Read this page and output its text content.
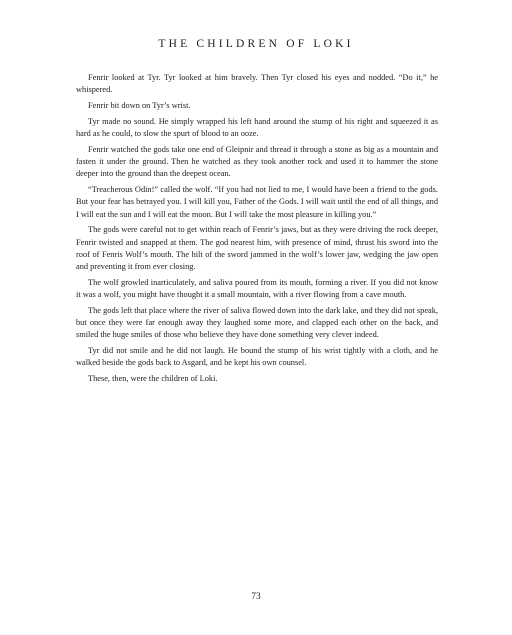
THE CHILDREN OF LOKI

Fenrir looked at Tyr. Tyr looked at him bravely. Then Tyr closed his eyes and nodded. “Do it,” he whispered.

Fenrir bit down on Tyr’s wrist.

Tyr made no sound. He simply wrapped his left hand around the stump of his right and squeezed it as hard as he could, to slow the spurt of blood to an ooze.

Fenrir watched the gods take one end of Gleipnir and thread it through a stone as big as a mountain and fasten it under the ground. Then he watched as they took another rock and used it to hammer the stone deeper into the ground than the deepest ocean.

“Treacherous Odin!” called the wolf. “If you had not lied to me, I would have been a friend to the gods. But your fear has betrayed you. I will kill you, Father of the Gods. I will wait until the end of all things, and I will eat the sun and I will eat the moon. But I will take the most pleasure in killing you.”

The gods were careful not to get within reach of Fenrir’s jaws, but as they were driving the rock deeper, Fenrir twisted and snapped at them. The god nearest him, with presence of mind, thrust his sword into the roof of Fenris Wolf’s mouth. The hilt of the sword jammed in the wolf’s lower jaw, wedging the jaw open and preventing it from ever closing.

The wolf growled inarticulately, and saliva poured from its mouth, forming a river. If you did not know it was a wolf, you might have thought it a small mountain, with a river flowing from a cave mouth.

The gods left that place where the river of saliva flowed down into the dark lake, and they did not speak, but once they were far enough away they laughed some more, and clapped each other on the back, and smiled the huge smiles of those who believe they have done something very clever indeed.

Tyr did not smile and he did not laugh. He bound the stump of his wrist tightly with a cloth, and he walked beside the gods back to Asgard, and he kept his own counsel.

These, then, were the children of Loki.

73
